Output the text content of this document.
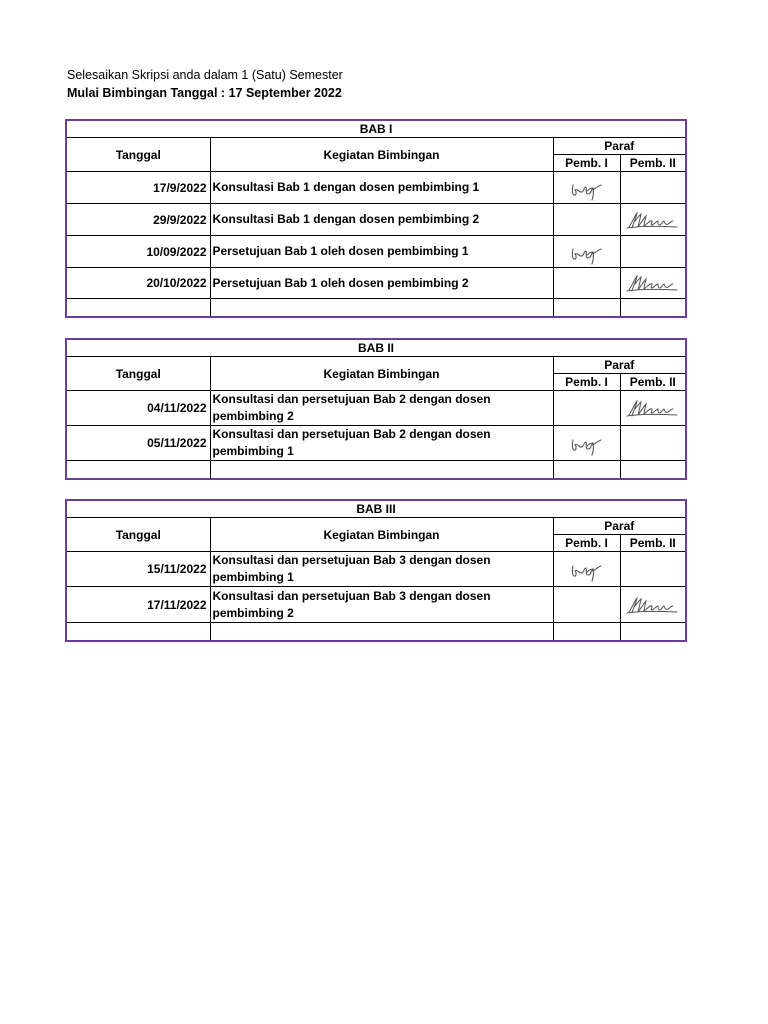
Selesaikan Skripsi anda dalam 1 (Satu) Semester
Mulai Bimbingan Tanggal : 17 September 2022
BAB I			
Tanggal	Kegiatan Bimbingan	Paraf	
		Pemb. I	Pemb. II
17/9/2022	Konsultasi Bab 1 dengan dosen pembimbing 1	

29/9/2022	Konsultasi Bab 1 dengan dosen pembimbing 2		

10/09/2022	Persetujuan Bab 1 oleh dosen pembimbing 1	

20/10/2022	Persetujuan Bab 1 oleh dosen pembimbing 2		

BAB II			
Tanggal	Kegiatan Bimbingan	Paraf	
		Pemb. I	Pemb. II
04/11/2022	Konsultasi dan persetujuan Bab 2 dengan dosen pembimbing 2		

05/11/2022	Konsultasi dan persetujuan Bab 2 dengan dosen pembimbing 1	

BAB III			
Tanggal	Kegiatan Bimbingan	Paraf	
		Pemb. I	Pemb. II
15/11/2022	Konsultasi dan persetujuan Bab 3 dengan dosen pembimbing 1	

17/11/2022	Konsultasi dan persetujuan Bab 3 dengan dosen pembimbing 2		
